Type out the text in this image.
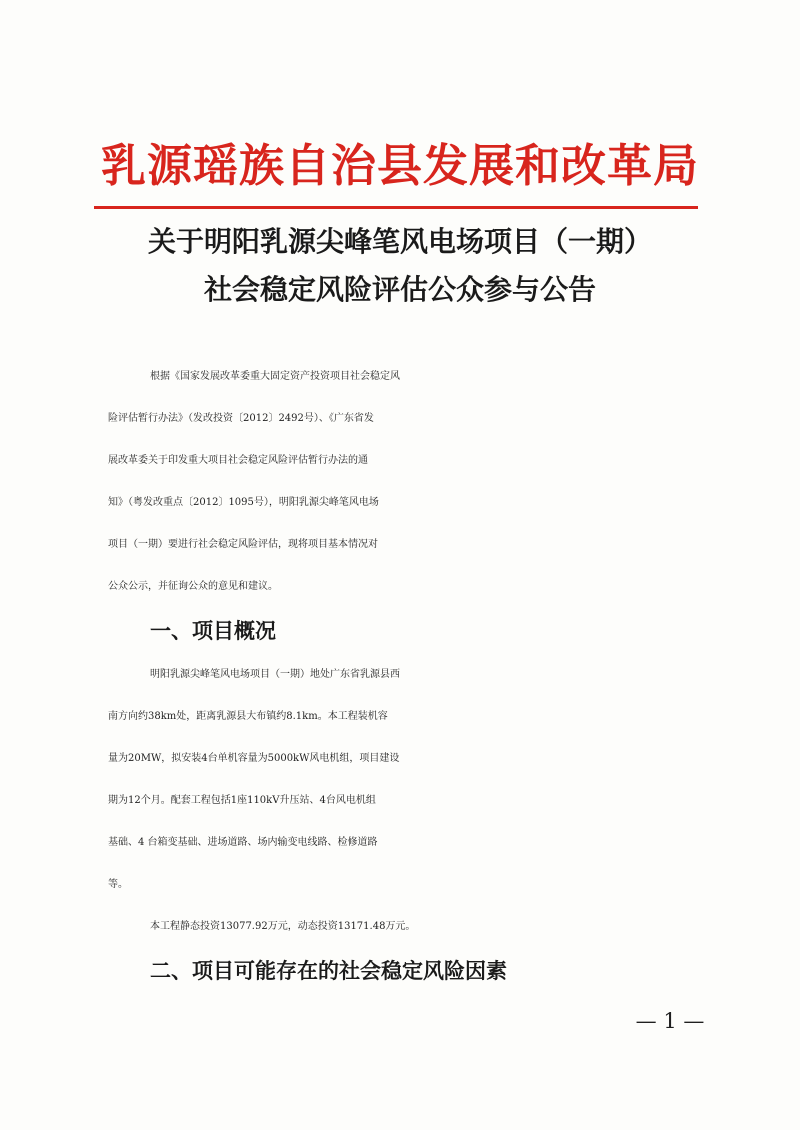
乳源瑶族自治县发展和改革局
关于明阳乳源尖峰笔风电场项目（一期）
社会稳定风险评估公众参与公告
根据《国家发展改革委重大固定资产投资项目社会稳定风
险评估暂行办法》（发改投资〔2012〕2492号）、《广东省发
展改革委关于印发重大项目社会稳定风险评估暂行办法的通
知》（粤发改重点〔2012〕1095号），明阳乳源尖峰笔风电场
项目（一期）要进行社会稳定风险评估，现将项目基本情况对
公众公示，并征询公众的意见和建议。
一、项目概况
明阳乳源尖峰笔风电场项目（一期）地处广东省乳源县西
南方向约38km处，距离乳源县大布镇约8.1km。本工程装机容
量为20MW，拟安装4台单机容量为5000kW风电机组，项目建设
期为12个月。配套工程包括1座110kV升压站、4台风电机组
基础、4 台箱变基础、进场道路、场内输变电线路、检修道路
等。
本工程静态投资13077.92万元，动态投资13171.48万元。
二、项目可能存在的社会稳定风险因素
— 1 —
